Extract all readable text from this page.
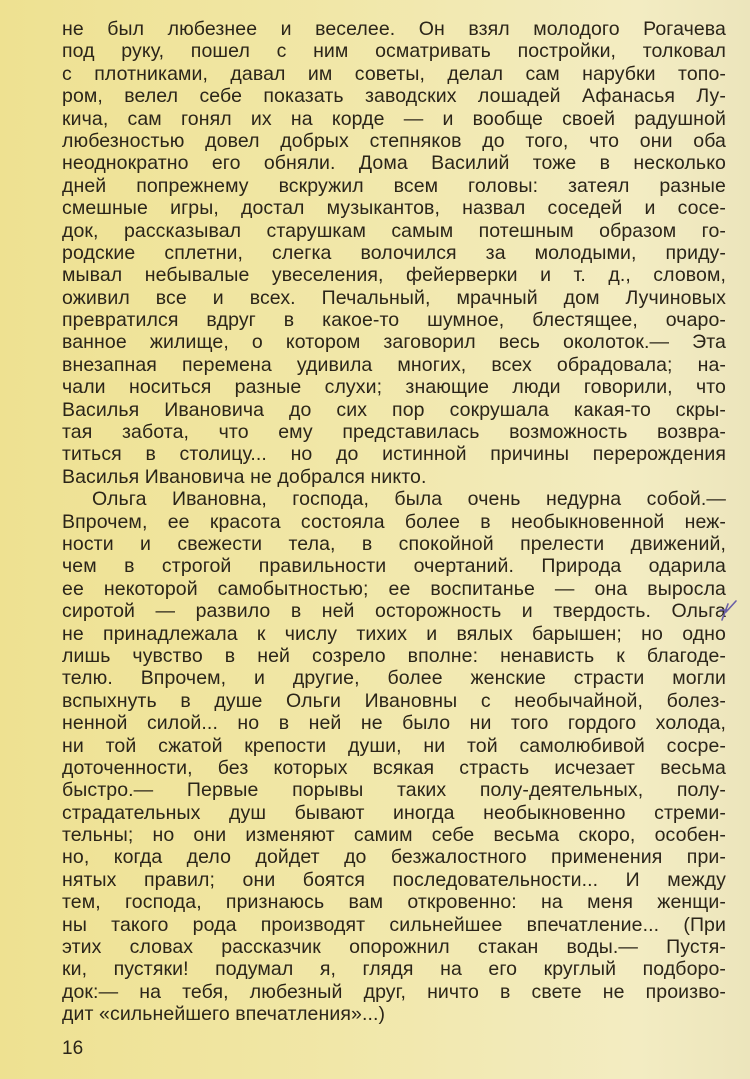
не был любезнее и веселее. Он взял молодого Рогачева
под руку, пошел с ним осматривать постройки, толковал
с плотниками, давал им советы, делал сам нарубки топо-
ром, велел себе показать заводских лошадей Афанасья Лу-
кича, сам гонял их на корде — и вообще своей радушной
любезностью довел добрых степняков до того, что они оба
неоднократно его обняли. Дома Василий тоже в несколько
дней попрежнему вскружил всем головы: затеял разные
смешные игры, достал музыкантов, назвал соседей и сосе-
док, рассказывал старушкам самым потешным образом го-
родские сплетни, слегка волочился за молодыми, приду-
мывал небывалые увеселения, фейерверки и т. д., словом,
оживил все и всех. Печальный, мрачный дом Лучиновых
превратился вдруг в какое-то шумное, блестящее, очаро-
ванное жилище, о котором заговорил весь околоток.— Эта
внезапная перемена удивила многих, всех обрадовала; на-
чали носиться разные слухи; знающие люди говорили, что
Василья Ивановича до сих пор сокрушала какая-то скры-
тая забота, что ему представилась возможность возвра-
титься в столицу... но до истинной причины перерождения
Василья Ивановича не добрался никто.
Ольга Ивановна, господа, была очень недурна собой.—
Впрочем, ее красота состояла более в необыкновенной неж-
ности и свежести тела, в спокойной прелести движений,
чем в строгой правильности очертаний. Природа одарила
ее некоторой самобытностью; ее воспитанье — она выросла
сиротой — развило в ней осторожность и твердость. Ольга
не принадлежала к числу тихих и вялых барышен; но одно
лишь чувство в ней созрело вполне: ненависть к благоде-
телю. Впрочем, и другие, более женские страсти могли
вспыхнуть в душе Ольги Ивановны с необычайной, болез-
ненной силой... но в ней не было ни того гордого холода,
ни той сжатой крепости души, ни той самолюбивой сосре-
доточенности, без которых всякая страсть исчезает весьма
быстро.— Первые порывы таких полу-деятельных, полу-
страдательных душ бывают иногда необыкновенно стреми-
тельны; но они изменяют самим себе весьма скоро, особен-
но, когда дело дойдет до безжалостного применения при-
нятых правил; они боятся последовательности... И между
тем, господа, признаюсь вам откровенно: на меня женщи-
ны такого рода производят сильнейшее впечатление... (При
этих словах рассказчик опорожнил стакан воды.— Пустя-
ки, пустяки! подумал я, глядя на его круглый подборо-
док:— на тебя, любезный друг, ничто в свете не произво-
дит «сильнейшего впечатления»...)
16
